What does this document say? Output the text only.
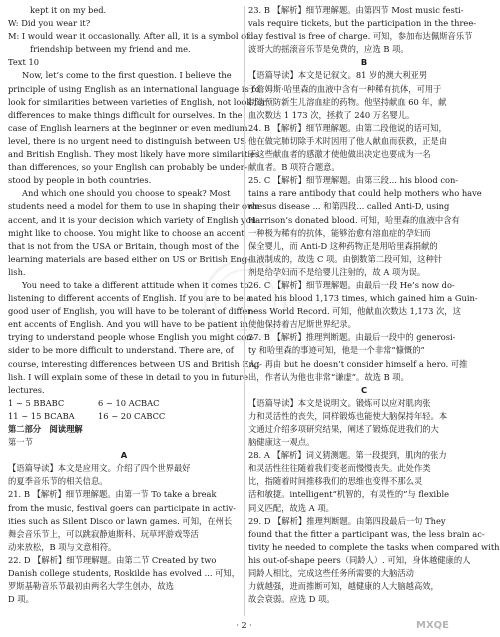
kept it on my bed.
W: Did you wear it?
M: I would wear it occasionally. After all, it is a symbol of
friendship between my friend and me.
Text 10
Now, let’s come to the first question. I believe the
principle of using English as an international language is to
look for similarities between varieties of English, not look for
differences to make things difficult for ourselves. In the
case of English learners at the beginner or even medium
level, there is no urgent need to distinguish between US
and British English. They most likely have more similarities
than differences, so your English can probably be under-
stood by people in both countries.
And which one should you choose to speak? Most
students need a model for them to use in shaping their own
accent, and it is your decision which variety of English you
might like to choose. You might like to choose an accent
that is not from the USA or Britain, though most of the
learning materials are based either on US or British Eng-
lish.
You need to take a different attitude when it comes to
listening to different accents of English. If you are to be a
good user of English, you will have to be tolerant of differ-
ent accents of English. And you will have to be patient in
trying to understand people whose English you might con-
sider to be more difficult to understand. There are, of
course, interesting differences between US and British Eng-
lish. I will explain some of these in detail to you in future
lectures.
1 ~ 5 BBABC	6 ~ 10 ACBAC
11 ~ 15 BCABA	16 ~ 20 CABCC
第二部分　阅读理解
第一节
A
【语篇导读】本文是应用文。介绍了四个世界最好
的夏季音乐节的相关信息。
21. B 【解析】细节理解题。由第一节 To take a break
from the music, festival goers can participate in activ-
ities such as Silent Disco or lawn games. 可知，在州长
舞会音乐节上，可以跳寂静迪斯科、玩草坪游戏等活
动来放松，B 项与文意相符。
22. D 【解析】细节理解题。由第二节 Created by two
Danish college students, Roskilde has evolved ... 可知，
罗斯基勒音乐节最初由两名大学生创办，故选
D 项。
23. B 【解析】细节理解题。由第四节 Most music festi-
vals require tickets, but the participation in the three-
day festival is free of charge. 可知，参加布达佩斯音乐节
波哥大的摇滚音乐节是免费的，应选 B 项。
B
【语篇导读】本文是记叙文。81 岁的澳大利亚男
子詹姆斯·哈里森的血液中含有一种稀有抗体，可用于
制造预防新生儿溶血症的药物。他坚持献血 60 年，献
血次数达 1 173 次，拯救了 240 万名婴儿。
24. B 【解析】细节理解题。由第二段他说的话可知，
他在做完肺切除手术时因用了他人献血而获救，正是由
于这些献血者的感激才使他做出决定也要成为一名
献血者。B 项符合题意。
25. C 【解析】细节理解题。由第三段... his blood con-
tains a rare antibody that could help mothers who have
rhesus disease ... 和第四段... called Anti-D, using
Harrison’s donated blood. 可知，哈里森的血液中含有
一种极为稀有的抗体，能够治愈有溶血症的孕妇而
保全婴儿，而 Anti-D 这种药物正是用哈里森捐献的
血液制成的，故选 C 项。由倒数第二段可知，这种针
剂是给孕妇而不是给婴儿注射的，故 A 项为误。
26. C 【解析】细节理解题。由最后一段 He’s now do-
nated his blood 1,173 times, which gained him a Guin-
ness World Record. 可知，他献血次数达 1,173 次，这
使他保持着吉尼斯世界纪录。
27. B 【解析】推理判断题。由最后一段中的 generosi-
ty 和哈里森的事迹可知，他是一个非常“慷慨的”
人；再由 but he doesn’t consider himself a hero. 可推
出，作者认为他也非常“谦虚”。故选 B 项。
C
【语篇导读】本文是说明文。锻炼可以应对肌肉张
力和灵活性的丧失，同样锻炼也能使大脑保持年轻。本
文通过介绍多项研究结果，阐述了锻炼促进我们的大
脑健康这一观点。
28. A 【解析】词义猜测题。第一段提到，肌肉的张力
和灵活性往往随着我们变老而慢慢丧失。此处作类
比，指随着时间推移我们的思维也变得不那么灵
活和敏捷。intelligent“机智的，有灵性的”与 flexible
同义匹配，故选 A 项。
29. D 【解析】推理判断题。由第四段最后一句 They
found that the fitter a participant was, the less brain ac-
tivity he needed to complete the tasks when compared with
his out-of-shape peers（同龄人）. 可知，身体越健康的人
同龄人相比，完成这些任务所需要的大脑活动
力就越强，进而推断可知，越健康的人大脑越高效，
故会衰弱。应选 D 项。
· 2 ·	MXQE
